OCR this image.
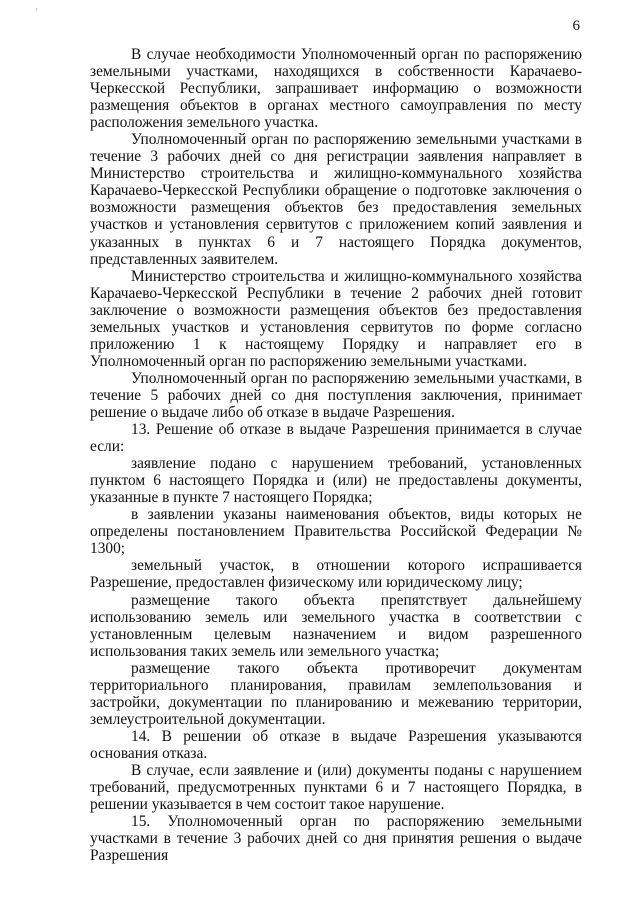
'
6

В случае необходимости Уполномоченный орган по распоряжению земельными участками, находящихся в собственности Карачаево-Черкесской Республики, запрашивает информацию о возможности размещения объектов в органах местного самоуправления по месту расположения земельного участка.

Уполномоченный орган по распоряжению земельными участками в течение 3 рабочих дней со дня регистрации заявления направляет в Министерство строительства и жилищно-коммунального хозяйства Карачаево-Черкесской Республики обращение о подготовке заключения о возможности размещения объектов без предоставления земельных участков и установления сервитутов с приложением копий заявления и указанных в пунктах 6 и 7 настоящего Порядка документов, представленных заявителем.

Министерство строительства и жилищно-коммунального хозяйства Карачаево-Черкесской Республики в течение 2 рабочих дней готовит заключение о возможности размещения объектов без предоставления земельных участков и установления сервитутов по форме согласно приложению 1 к настоящему Порядку и направляет его в Уполномоченный орган по распоряжению земельными участками.

Уполномоченный орган по распоряжению земельными участками, в течение 5 рабочих дней со дня поступления заключения, принимает решение о выдаче либо об отказе в выдаче Разрешения.

13. Решение об отказе в выдаче Разрешения принимается в случае если:

заявление подано с нарушением требований, установленных пунктом 6 настоящего Порядка и (или) не предоставлены документы, указанные в пункте 7 настоящего Порядка;

в заявлении указаны наименования объектов, виды которых не определены постановлением Правительства Российской Федерации № 1300;

земельный участок, в отношении которого испрашивается Разрешение, предоставлен физическому или юридическому лицу;

размещение такого объекта препятствует дальнейшему использованию земель или земельного участка в соответствии с установленным целевым назначением и видом разрешенного использования таких земель или земельного участка;

размещение такого объекта противоречит документам территориального планирования, правилам землепользования и застройки, документации по планированию и межеванию территории, землеустроительной документации.

14. В решении об отказе в выдаче Разрешения указываются основания отказа.

В случае, если заявление и (или) документы поданы с нарушением требований, предусмотренных пунктами 6 и 7 настоящего Порядка, в решении указывается в чем состоит такое нарушение.

15. Уполномоченный орган по распоряжению земельными участками в течение 3 рабочих дней со дня принятия решения о выдаче Разрешения
